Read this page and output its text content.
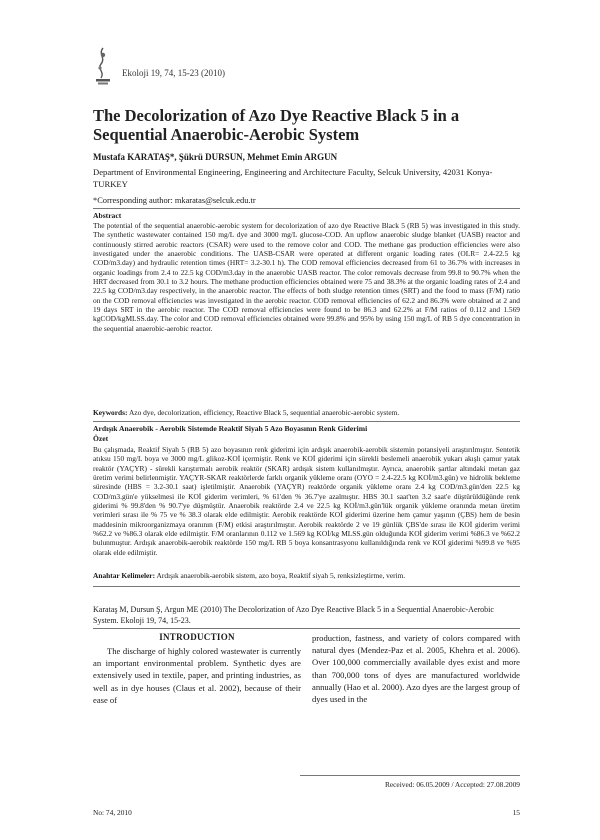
Ekoloji 19, 74, 15-23 (2010)
The Decolorization of Azo Dye Reactive Black 5 in a Sequential Anaerobic-Aerobic System
Mustafa KARATAŞ*, Şükrü DURSUN, Mehmet Emin ARGUN
Department of Environmental Engineering, Engineering and Architecture Faculty, Selcuk University, 42031 Konya-TURKEY
*Corresponding author: mkaratas@selcuk.edu.tr
Abstract
The potential of the sequential anaerobic-aerobic system for decolorization of azo dye Reactive Black 5 (RB 5) was investigated in this study. The synthetic wastewater contained 150 mg/L dye and 3000 mg/L glucose-COD. An upflow anaerobic sludge blanket (UASB) reactor and continuously stirred aerobic reactors (CSAR) were used to the remove color and COD. The methane gas production efficiencies were also investigated under the anaerobic conditions. The UASB-CSAR were operated at different organic loading rates (OLR= 2.4-22.5 kg COD/m3.day) and hydraulic retention times (HRT= 3.2-30.1 h). The COD removal efficiencies decreased from 61 to 36.7% with increases in organic loadings from 2.4 to 22.5 kg COD/m3.day in the anaerobic UASB reactor. The color removals decrease from 99.8 to 90.7% when the HRT decreased from 30.1 to 3.2 hours. The methane production efficiencies obtained were 75 and 38.3% at the organic loading rates of 2.4 and 22.5 kg COD/m3.day respectively, in the anaerobic reactor. The effects of both sludge retention times (SRT) and the food to mass (F/M) ratio on the COD removal efficiencies was investigated in the aerobic reactor. COD removal efficiencies of 62.2 and 86.3% were obtained at 2 and 19 days SRT in the aerobic reactor. The COD removal efficiencies were found to be 86.3 and 62.2% at F/M ratios of 0.112 and 1.569 kgCOD/kgMLSS.day. The color and COD removal efficiencies obtained were 99.8% and 95% by using 150 mg/L of RB 5 dye concentration in the sequential anaerobic-aerobic reactor.
Keywords: Azo dye, decolorization, efficiency, Reactive Black 5, sequential anaerobic-aerobic system.
Ardışık Anaerobik - Aerobik Sistemde Reaktif Siyah 5 Azo Boyasının Renk Giderimi
Özet
Bu çalışmada, Reaktif Siyah 5 (RB 5) azo boyasının renk giderimi için ardışık anaerobik-aerobik sistemin potansiyeli araştırılmıştır. Sentetik atıksu 150 mg/L boya ve 3000 mg/L glikoz-KOİ içermiştir. Renk ve KOİ giderimi için sürekli beslemeli anaerobik yukarı akışlı çamur yatak reaktör (YAÇYR) - sürekli karıştırmalı aerobik reaktör (SKAR) ardışık sistem kullanılmıştır. Ayrıca, anaerobik şartlar altındaki metan gaz üretim verimi belirlenmiştir. YAÇYR-SKAR reaktörlerde farklı organik yükleme oranı (OYO = 2.4-22.5 kg KOİ/m3.gün) ve hidrolik bekleme süresinde (HBS = 3.2-30.1 saat) işletilmiştir. Anaerobik (YAÇYR) reaktörde organik yükleme oranı 2.4 kg COD/m3.gün'den 22.5 kg COD/m3.gün'e yükselmesi ile KOİ giderim verimleri, % 61'den % 36.7'ye azalmıştır. HBS 30.1 saat'ten 3.2 saat'e düştürüldüğünde renk giderimi % 99.8'den % 90.7'ye düşmüştür. Anaerobik reaktörde 2.4 ve 22.5 kg KOİ/m3.gün'lük organik yükleme oranında metan üretim verimleri sırası ile % 75 ve % 38.3 olarak elde edilmiştir. Aerobik reaktörde KOİ giderimi üzerine hem çamur yaşının (ÇBS) hem de besin maddesinin mikroorganizmaya oranının (F/M) etkisi araştırılmıştır. Aerobik reaktörde 2 ve 19 günlük ÇBS'de sırası ile KOİ giderim verimi %62.2 ve %86.3 olarak elde edilmiştir. F/M oranlarının 0.112 ve 1.569 kg KOİ/kg MLSS.gün olduğunda KOİ giderim verimi %86.3 ve %62.2 bulunmuştur. Ardışık anaerobik-aerobik reaktörde 150 mg/L RB 5 boya konsantrasyonu kullanıldığında renk ve KOİ giderimi %99.8 ve %95 olarak elde edilmiştir.
Anahtar Kelimeler: Ardışık anaerobik-aerobik sistem, azo boya, Reaktif siyah 5, renksizleştirme, verim.
Karataş M, Dursun Ş, Argun ME (2010) The Decolorization of Azo Dye Reactive Black 5 in a Sequential Anaerobic-Aerobic System. Ekoloji 19, 74, 15-23.
INTRODUCTION
The discharge of highly colored wastewater is currently an important environmental problem. Synthetic dyes are extensively used in textile, paper, and printing industries, as well as in dye houses (Claus et al. 2002), because of their ease of
production, fastness, and variety of colors compared with natural dyes (Mendez-Paz et al. 2005, Khehra et al. 2006). Over 100,000 commercially available dyes exist and more than 700,000 tons of dyes are manufactured worldwide annually (Hao et al. 2000). Azo dyes are the largest group of dyes used in the
Received: 06.05.2009 / Accepted: 27.08.2009
No: 74, 2010	15
